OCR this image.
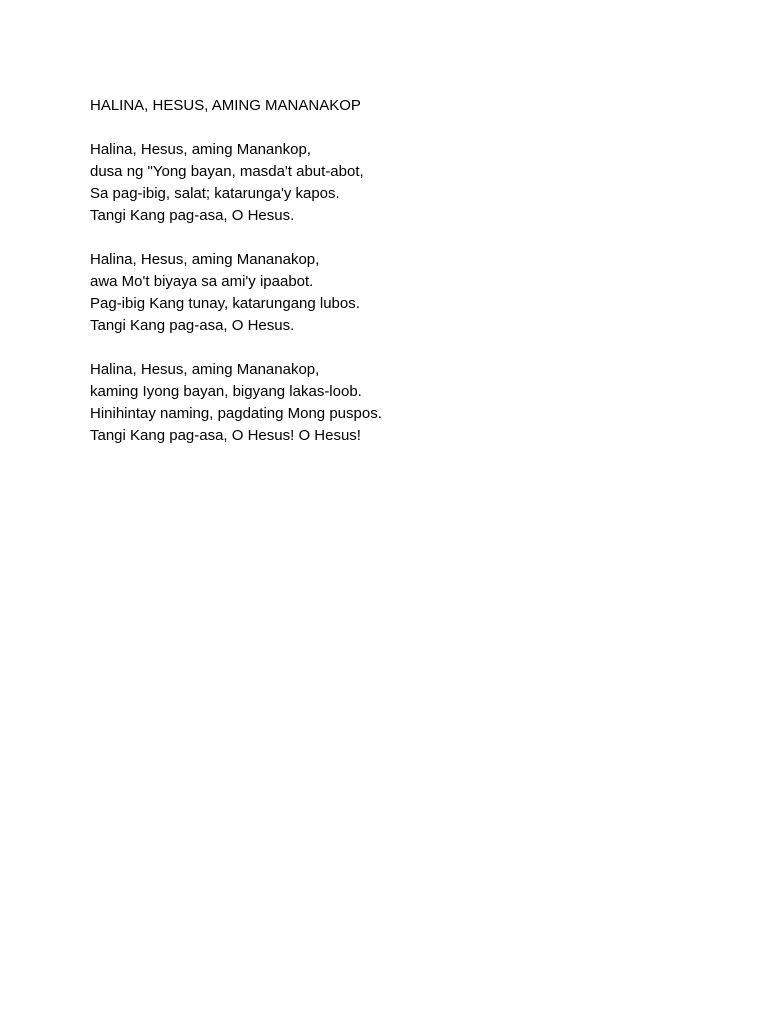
HALINA, HESUS, AMING MANANAKOP
Halina, Hesus, aming Manankop,
dusa ng "Yong bayan, masda't abut-abot,
Sa pag-ibig, salat; katarunga'y kapos.
Tangi Kang pag-asa, O Hesus.
Halina, Hesus, aming Mananakop,
awa Mo't biyaya sa ami'y ipaabot.
Pag-ibig Kang tunay, katarungang lubos.
Tangi Kang pag-asa, O Hesus.
Halina, Hesus, aming Mananakop,
kaming Iyong bayan, bigyang lakas-loob.
Hinihintay naming, pagdating Mong puspos.
Tangi Kang pag-asa, O Hesus! O Hesus!
